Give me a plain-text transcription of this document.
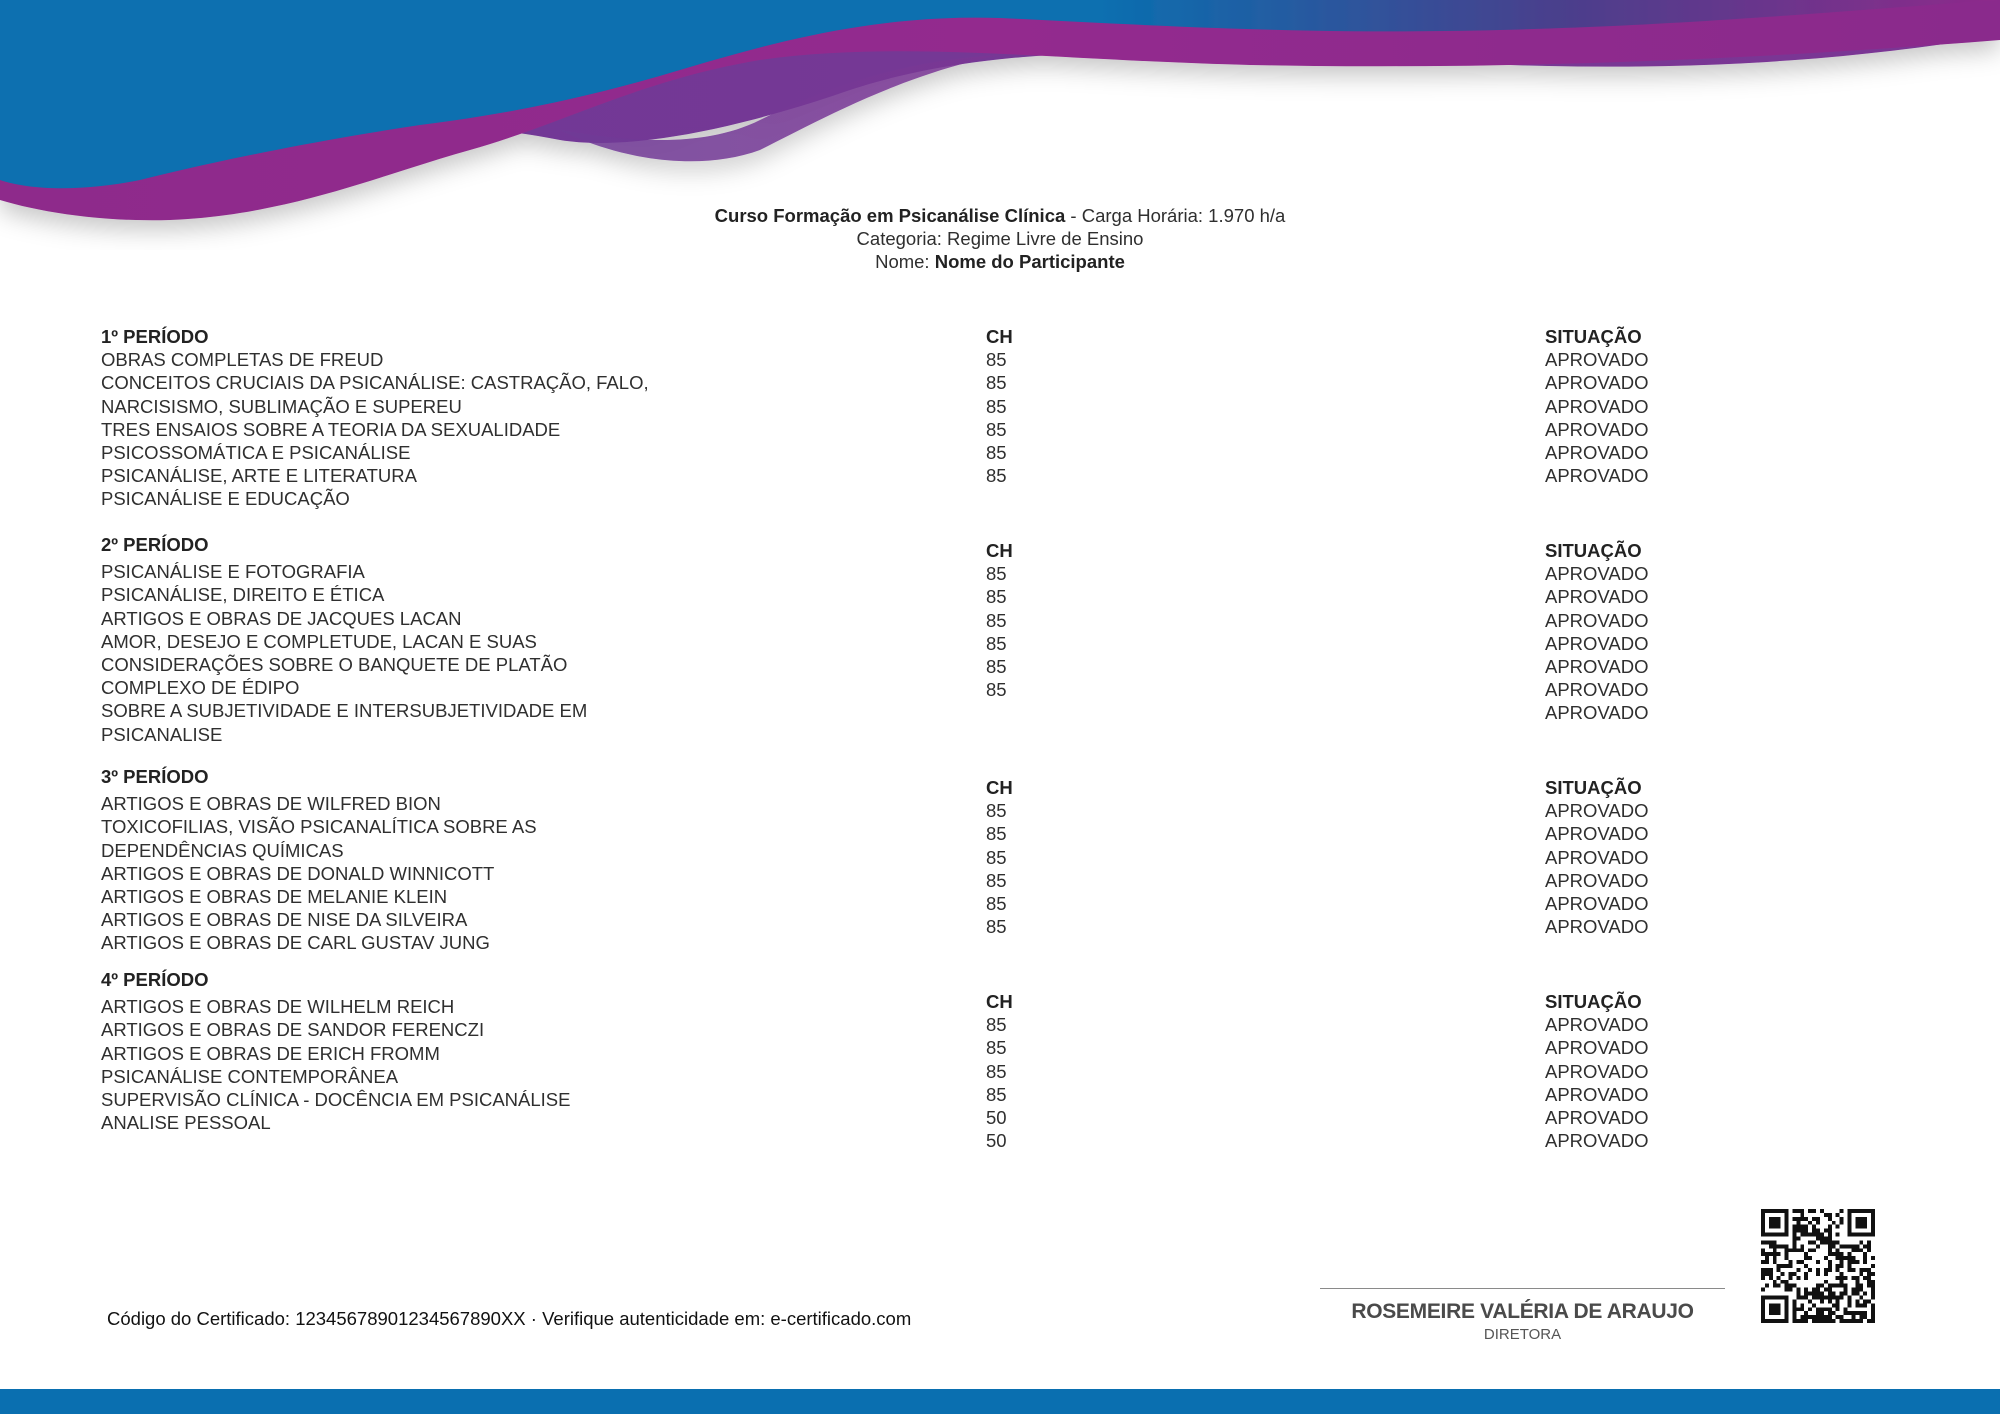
Curso Formação em Psicanálise Clínica - Carga Horária: 1.970 h/a
Categoria: Regime Livre de Ensino
Nome: Nome do Participante
1º PERÍODO
OBRAS COMPLETAS DE FREUD
CONCEITOS CRUCIAIS DA PSICANÁLISE: CASTRAÇÃO, FALO,
NARCISISMO, SUBLIMAÇÃO E SUPEREU
TRES ENSAIOS SOBRE A TEORIA DA SEXUALIDADE
PSICOSSOMÁTICA E PSICANÁLISE
PSICANÁLISE, ARTE E LITERATURA
PSICANÁLISE E EDUCAÇÃO
CH
85
85
85
85
85
85
SITUAÇÃO
APROVADO
APROVADO
APROVADO
APROVADO
APROVADO
APROVADO
2º PERÍODO
PSICANÁLISE E FOTOGRAFIA
PSICANÁLISE, DIREITO E ÉTICA
ARTIGOS E OBRAS DE JACQUES LACAN
AMOR, DESEJO E COMPLETUDE, LACAN E SUAS
CONSIDERAÇÕES SOBRE O BANQUETE DE PLATÃO
COMPLEXO DE ÉDIPO
SOBRE A SUBJETIVIDADE E INTERSUBJETIVIDADE EM
PSICANALISE
CH
85
85
85
85
85
85
SITUAÇÃO
APROVADO
APROVADO
APROVADO
APROVADO
APROVADO
APROVADO
APROVADO
3º PERÍODO
ARTIGOS E OBRAS DE WILFRED BION
TOXICOFILIAS, VISÃO PSICANALÍTICA SOBRE AS
DEPENDÊNCIAS QUÍMICAS
ARTIGOS E OBRAS DE DONALD WINNICOTT
ARTIGOS E OBRAS DE MELANIE KLEIN
ARTIGOS E OBRAS DE NISE DA SILVEIRA
ARTIGOS E OBRAS DE CARL GUSTAV JUNG
CH
85
85
85
85
85
85
SITUAÇÃO
APROVADO
APROVADO
APROVADO
APROVADO
APROVADO
APROVADO
4º PERÍODO
ARTIGOS E OBRAS DE WILHELM REICH
ARTIGOS E OBRAS DE SANDOR FERENCZI
ARTIGOS E OBRAS DE ERICH FROMM
PSICANÁLISE CONTEMPORÂNEA
SUPERVISÃO CLÍNICA - DOCÊNCIA EM PSICANÁLISE
ANALISE PESSOAL
CH
85
85
85
85
50
50
SITUAÇÃO
APROVADO
APROVADO
APROVADO
APROVADO
APROVADO
APROVADO
Código do Certificado: 12345678901234567890XX · Verifique autenticidade em: e-certificado.com	ROSEMEIRE VALÉRIA DE ARAUJO
DIRETORA
